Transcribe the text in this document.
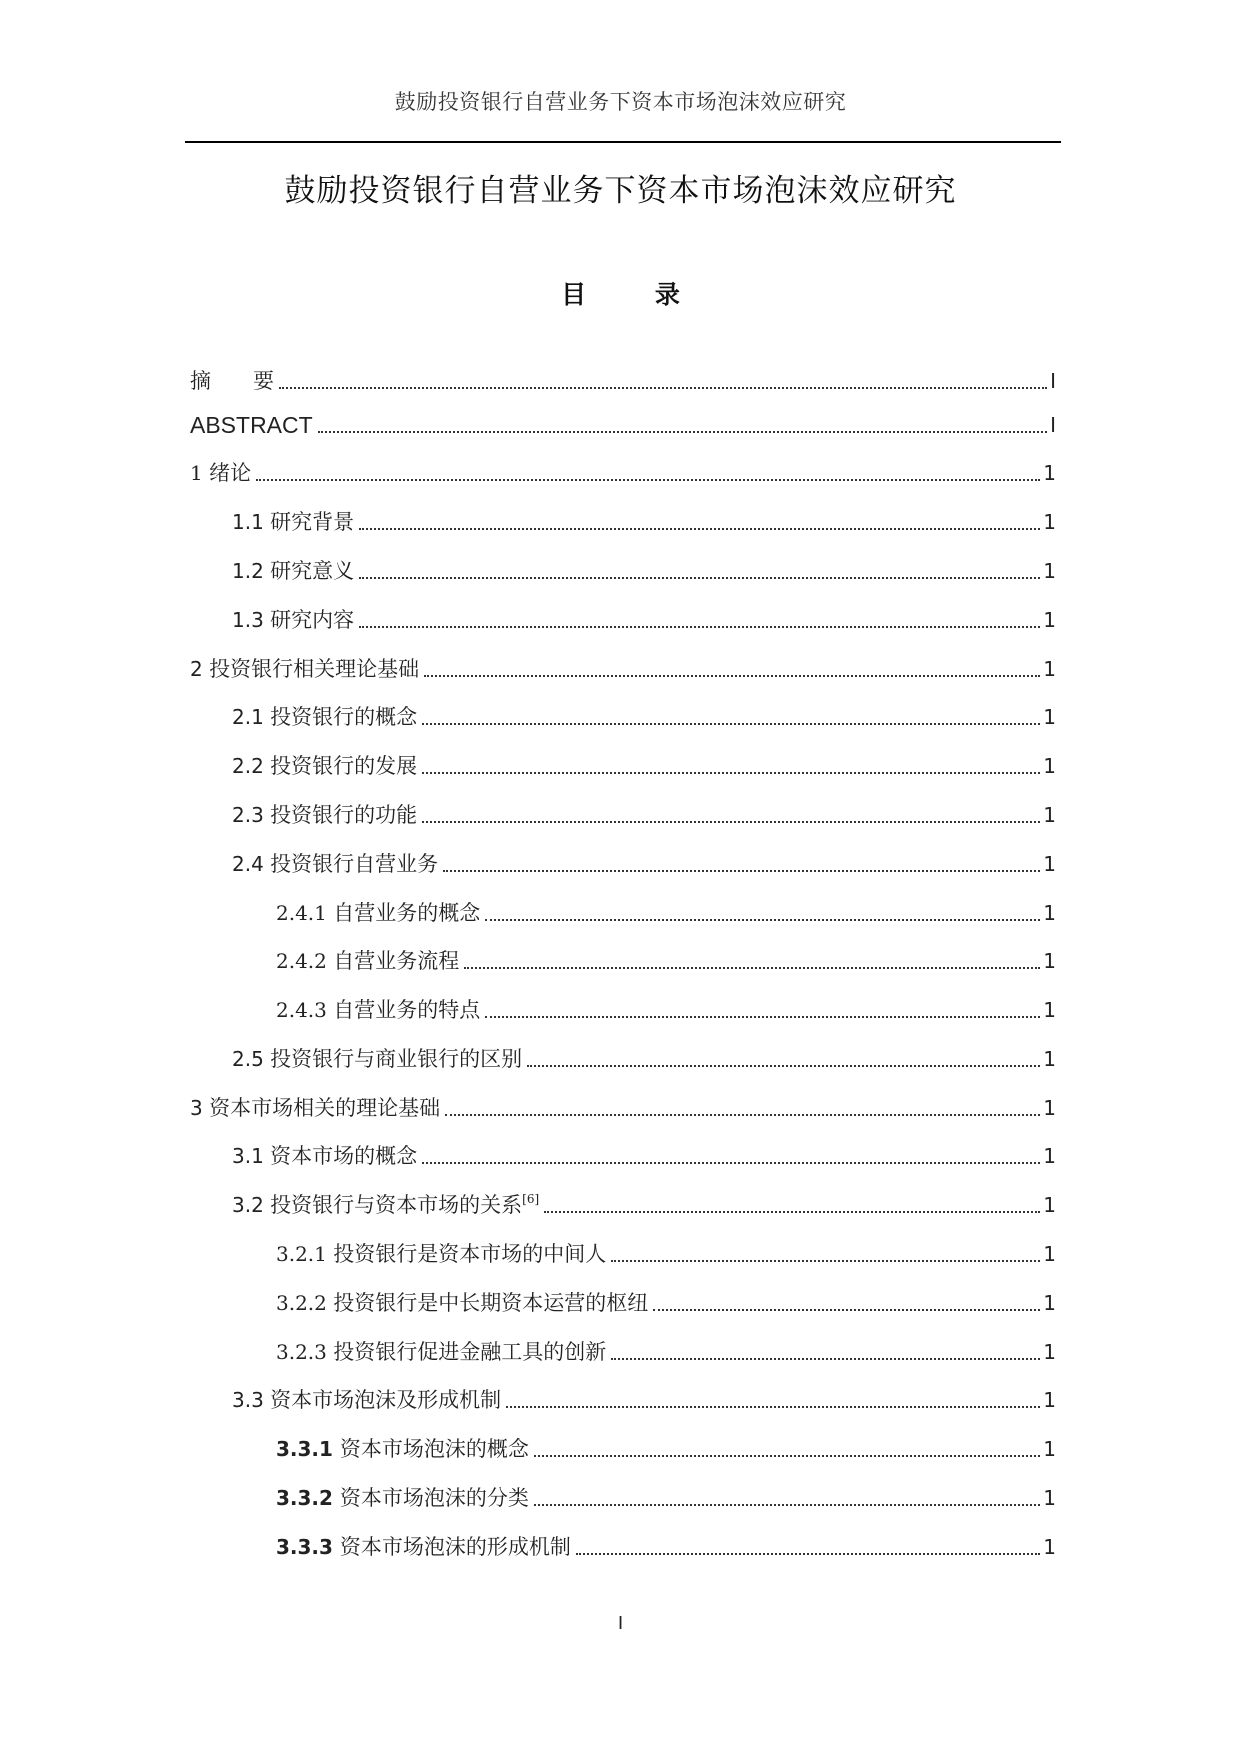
鼓励投资银行自营业务下资本市场泡沫效应研究
鼓励投资银行自营业务下资本市场泡沫效应研究
目 录
摘　　要	I
ABSTRACT	I
1 绪论	1
1.1 研究背景	1
1.2 研究意义	1
1.3 研究内容	1
2 投资银行相关理论基础	1
2.1 投资银行的概念	1
2.2 投资银行的发展	1
2.3 投资银行的功能	1
2.4 投资银行自营业务	1
2.4.1 自营业务的概念	1
2.4.2 自营业务流程	1
2.4.3 自营业务的特点	1
2.5 投资银行与商业银行的区别	1
3 资本市场相关的理论基础	1
3.1 资本市场的概念	1
3.2 投资银行与资本市场的关系[6]	1
3.2.1 投资银行是资本市场的中间人	1
3.2.2 投资银行是中长期资本运营的枢纽	1
3.2.3 投资银行促进金融工具的创新	1
3.3 资本市场泡沫及形成机制	1
3.3.1 资本市场泡沫的概念	1
3.3.2 资本市场泡沫的分类	1
3.3.3 资本市场泡沫的形成机制	1
I
